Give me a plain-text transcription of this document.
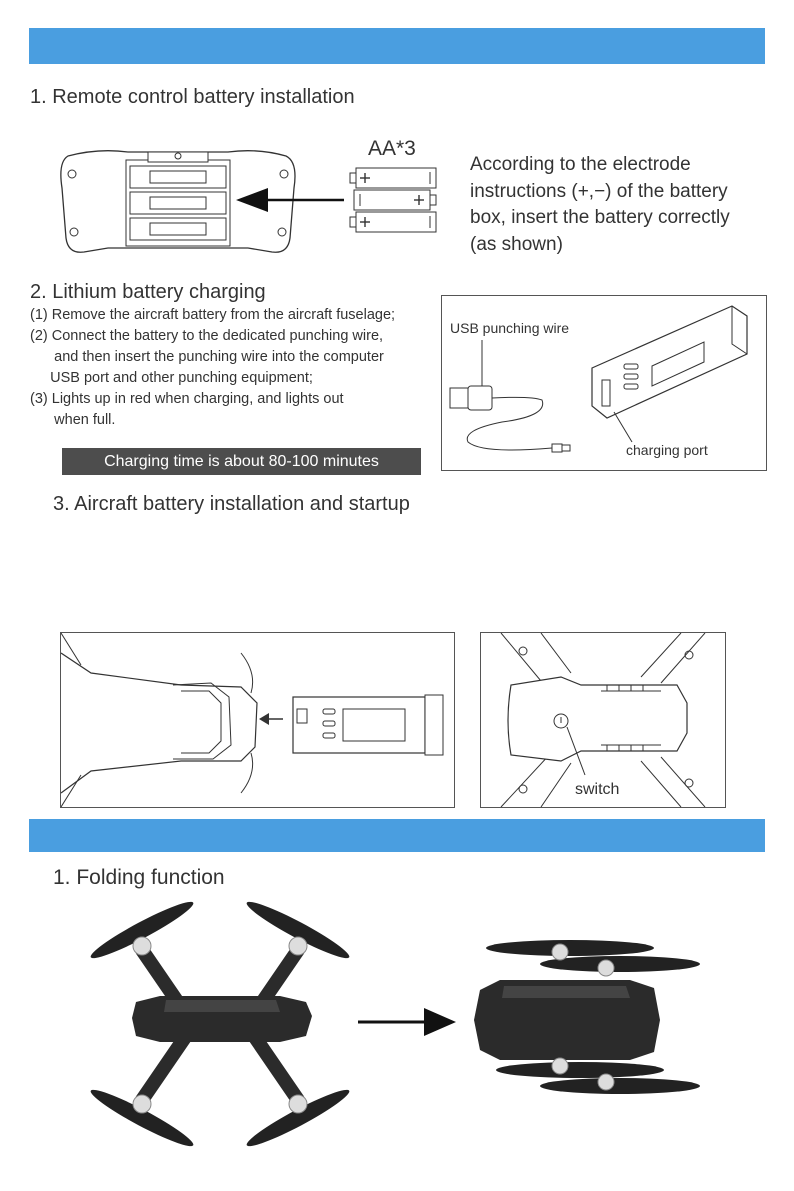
1. Remote control battery installation
AA*3
According to the electrode
instructions (+,−) of the battery
box, insert the battery correctly
(as shown)
2. Lithium battery charging
(1) Remove the aircraft battery from the aircraft fuselage;
(2) Connect the battery to the dedicated punching wire,
and then insert the punching wire into the computer
USB port and other punching equipment;
(3) Lights up in red when charging, and lights out
when full.
Charging time is about 80-100 minutes
USB punching wire
charging port
3. Aircraft battery installation and startup
switch
1. Folding function
